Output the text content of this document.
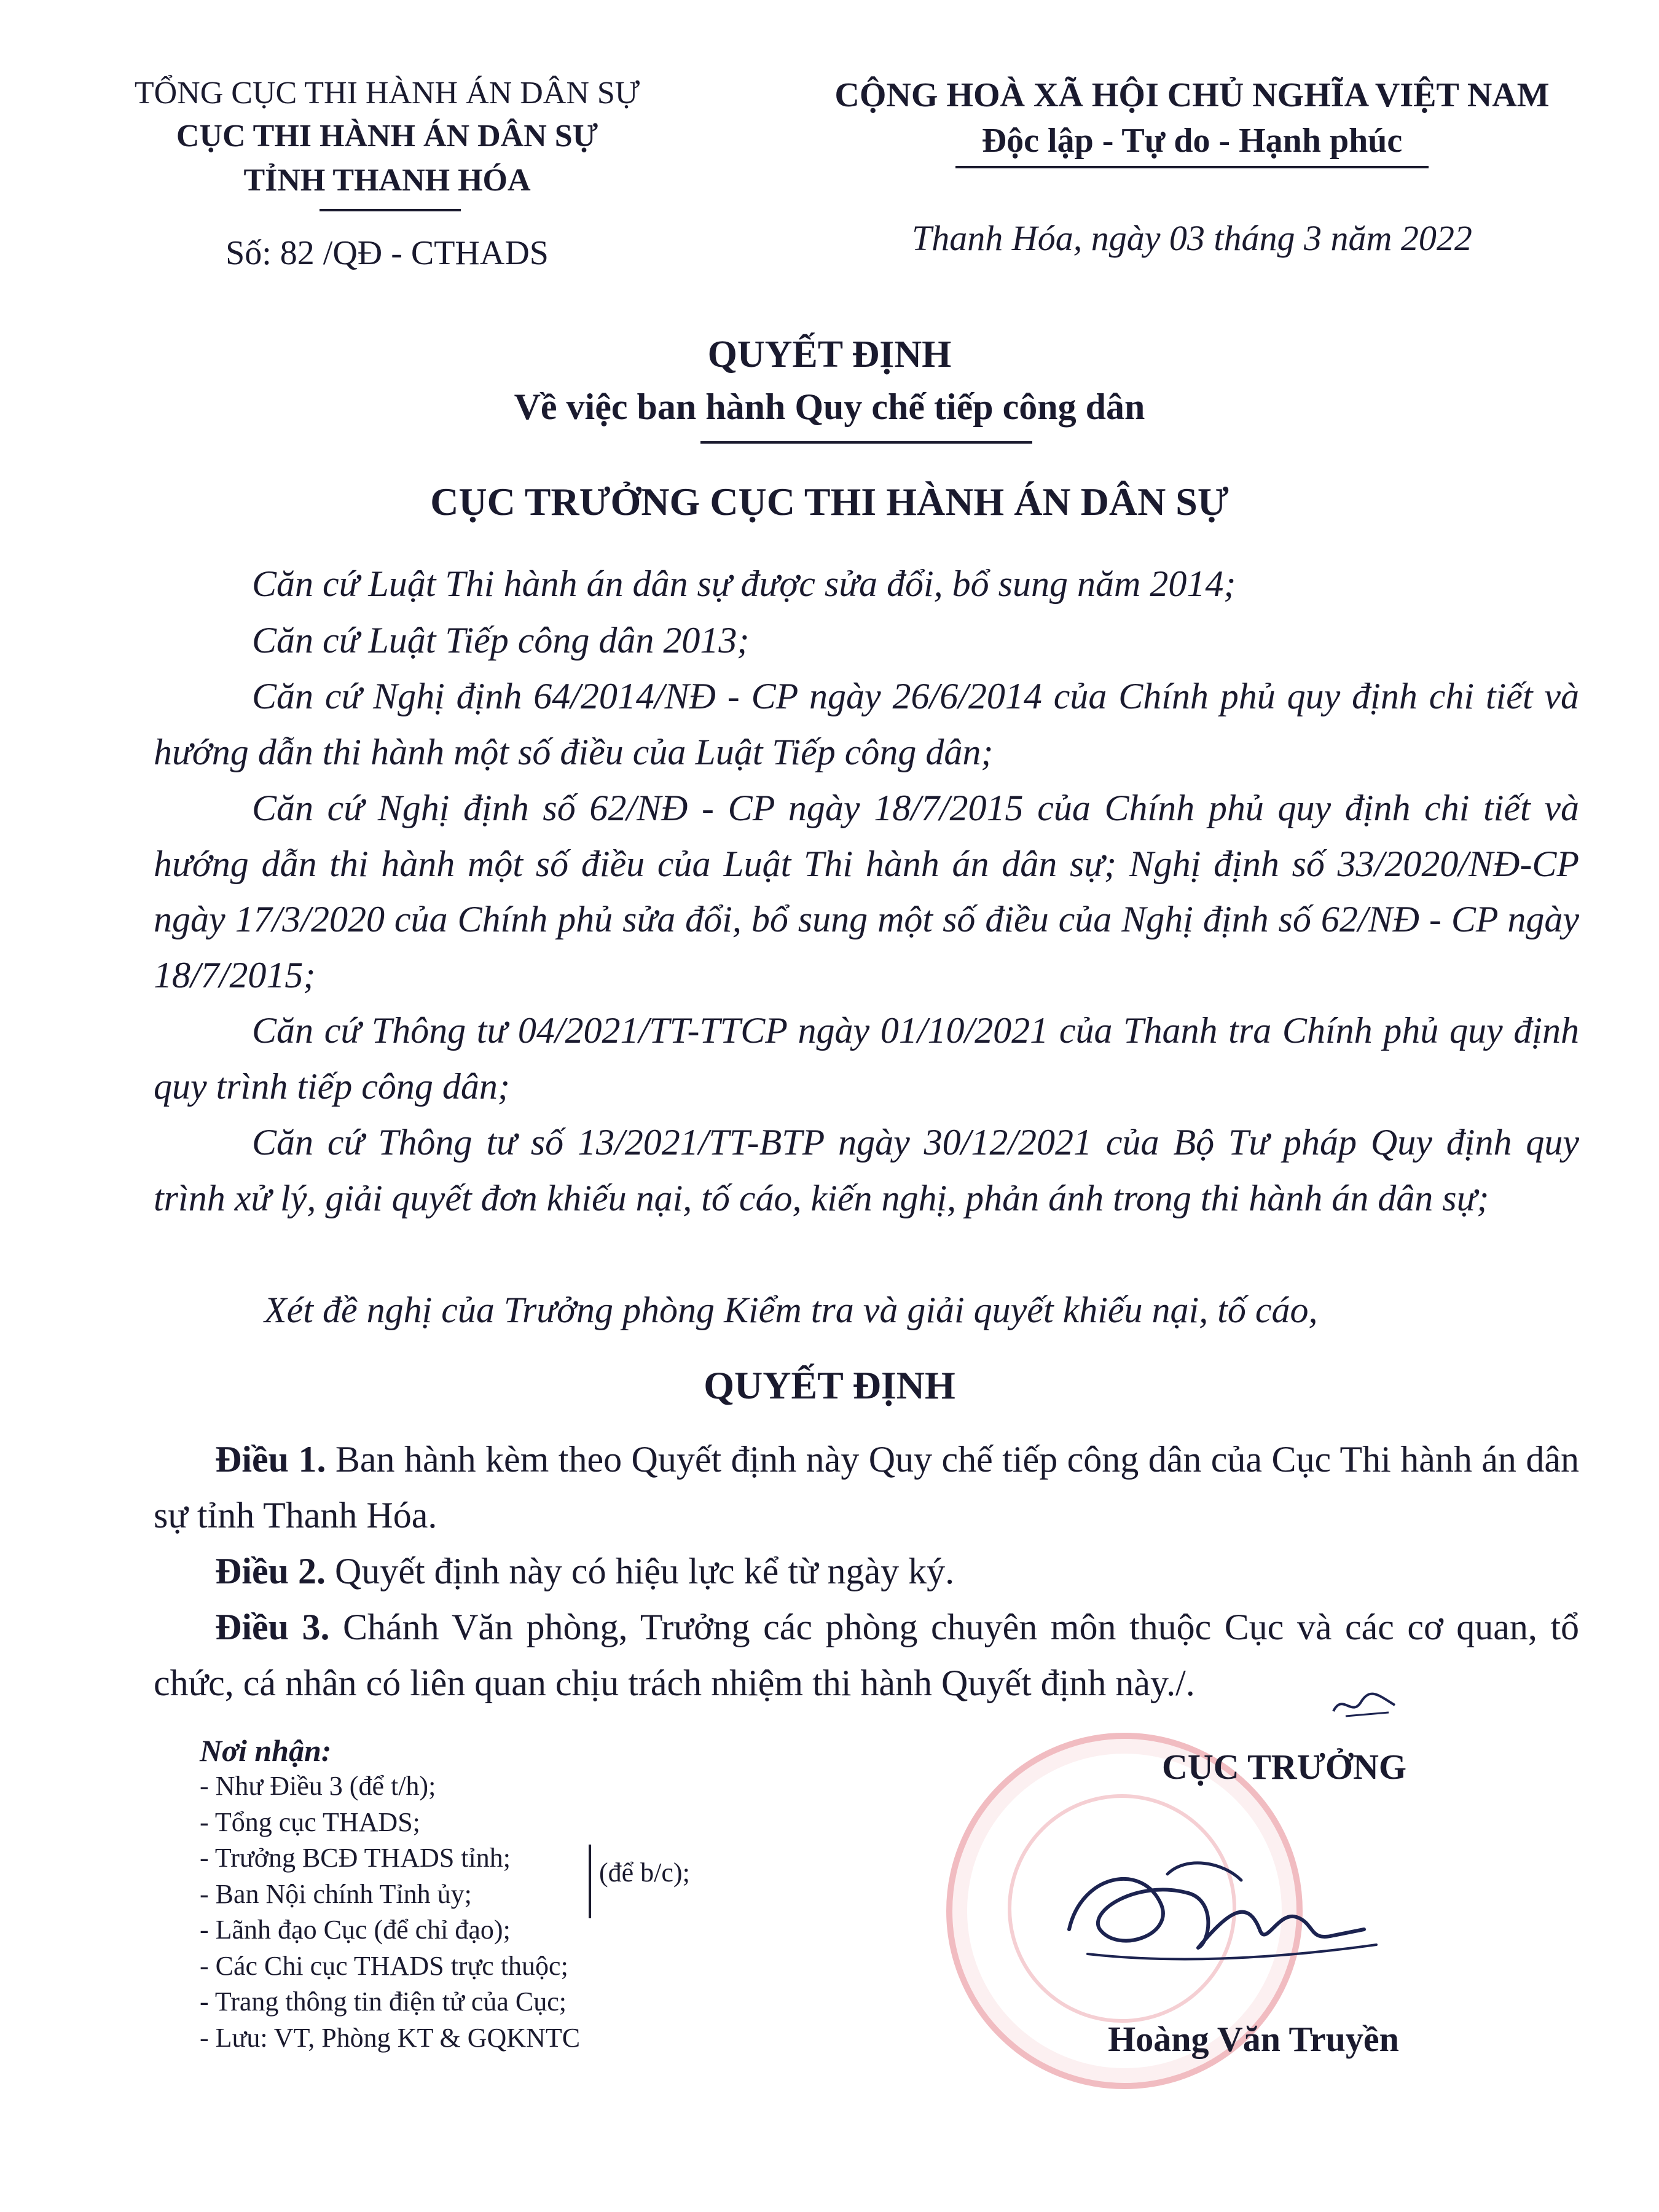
TỔNG CỤC THI HÀNH ÁN DÂN SỰ
CỤC THI HÀNH ÁN DÂN SỰ
TỈNH THANH HÓA
Số: 82 /QĐ - CTHADS
CỘNG HOÀ XÃ HỘI CHỦ NGHĨA VIỆT NAM
Độc lập - Tự do - Hạnh phúc
Thanh Hóa, ngày 03 tháng 3 năm 2022
QUYẾT ĐỊNH
Về việc ban hành Quy chế tiếp công dân
CỤC TRƯỞNG CỤC THI HÀNH ÁN DÂN SỰ
Căn cứ Luật Thi hành án dân sự được sửa đổi, bổ sung năm 2014;
Căn cứ Luật Tiếp công dân 2013;
Căn cứ Nghị định 64/2014/NĐ - CP ngày 26/6/2014 của Chính phủ quy định chi tiết và hướng dẫn thi hành một số điều của Luật Tiếp công dân;
Căn cứ Nghị định số 62/NĐ - CP ngày 18/7/2015 của Chính phủ quy định chi tiết và hướng dẫn thi hành một số điều của Luật Thi hành án dân sự; Nghị định số 33/2020/NĐ-CP ngày 17/3/2020 của Chính phủ sửa đổi, bổ sung một số điều của Nghị định số 62/NĐ - CP ngày 18/7/2015;
Căn cứ Thông tư 04/2021/TT-TTCP ngày 01/10/2021 của Thanh tra Chính phủ quy định quy trình tiếp công dân;
Căn cứ Thông tư số 13/2021/TT-BTP ngày 30/12/2021 của Bộ Tư pháp Quy định quy trình xử lý, giải quyết đơn khiếu nại, tố cáo, kiến nghị, phản ánh trong thi hành án dân sự;
Xét đề nghị của Trưởng phòng Kiểm tra và giải quyết khiếu nại, tố cáo,
QUYẾT ĐỊNH
Điều 1. Ban hành kèm theo Quyết định này Quy chế tiếp công dân của Cục Thi hành án dân sự tỉnh Thanh Hóa.
Điều 2. Quyết định này có hiệu lực kể từ ngày ký.
Điều 3. Chánh Văn phòng, Trưởng các phòng chuyên môn thuộc Cục và các cơ quan, tổ chức, cá nhân có liên quan chịu trách nhiệm thi hành Quyết định này./.
Nơi nhận:
- Như Điều 3 (để t/h);
- Tổng cục THADS;
- Trưởng BCĐ THADS tỉnh;
- Ban Nội chính Tỉnh ủy;
- Lãnh đạo Cục (để chỉ đạo);
- Các Chi cục THADS trực thuộc;
- Trang thông tin điện tử của Cục;
- Lưu: VT, Phòng KT & GQKNTC
(để b/c);
CỤC TRƯỞNG
Hoàng Văn Truyền
